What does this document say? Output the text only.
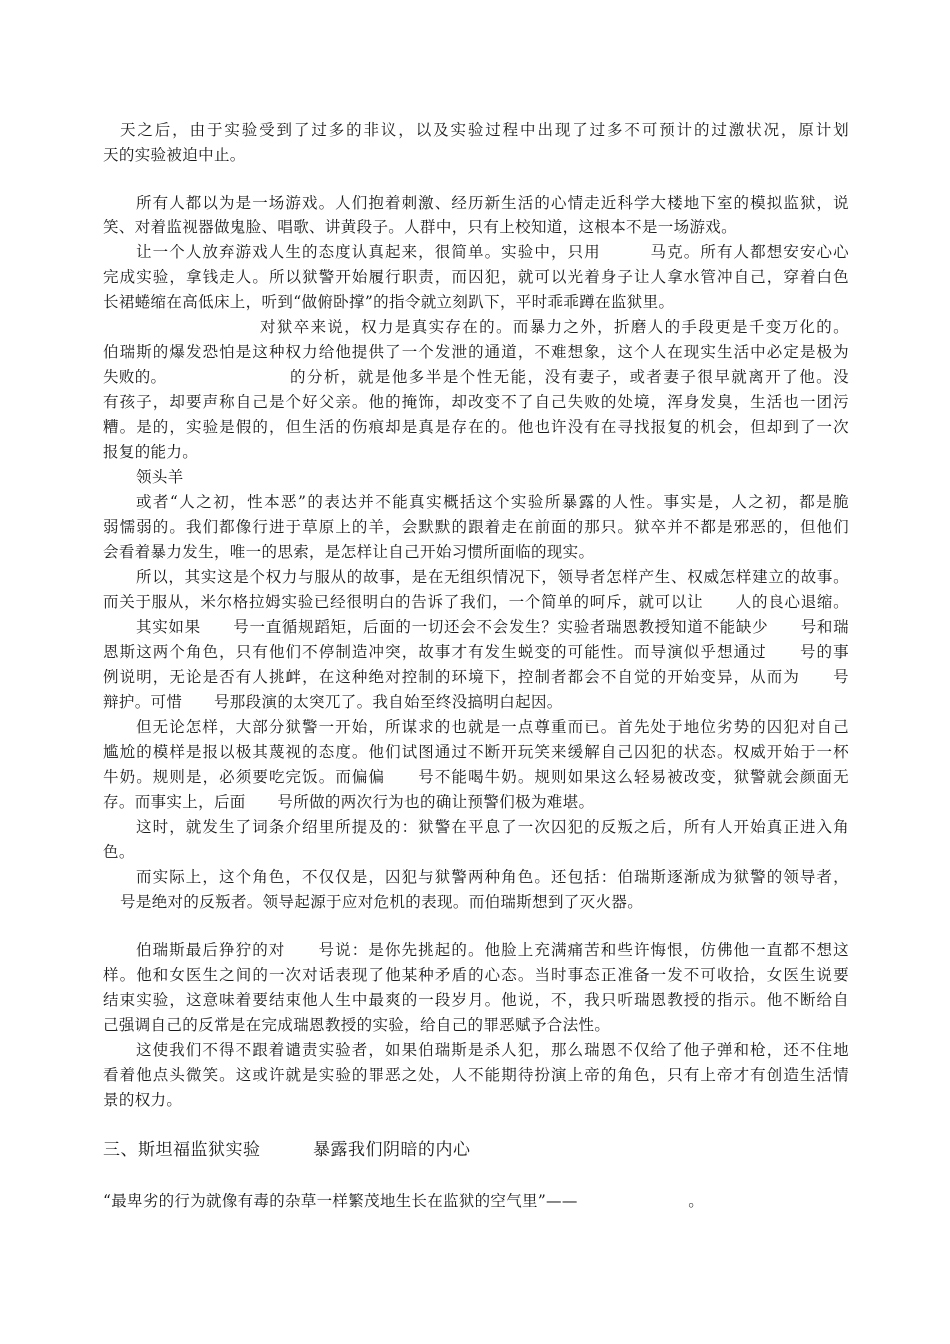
天之后，由于实验受到了过多的非议，以及实验过程中出现了过多不可预计的过激状况，原计划
天的实验被迫中止。
所有人都以为是一场游戏。人们抱着刺激、经历新生活的心情走近科学大楼地下室的模拟监狱，说
笑、对着监视器做鬼脸、唱歌、讲黄段子。人群中，只有上校知道，这根本不是一场游戏。
让一个人放弃游戏人生的态度认真起来，很简单。实验中，只用　　　马克。所有人都想安安心心
完成实验，拿钱走人。所以狱警开始履行职责，而囚犯，就可以光着身子让人拿水管冲自己，穿着白色
长裙蜷缩在高低床上，听到“做俯卧撑”的指令就立刻趴下，平时乖乖蹲在监狱里。
对狱卒来说，权力是真实存在的。而暴力之外，折磨人的手段更是千变万化的。
伯瑞斯的爆发恐怕是这种权力给他提供了一个发泄的通道，不难想象，这个人在现实生活中必定是极为
失败的。	的分析，就是他多半是个性无能，没有妻子，或者妻子很早就离开了他。没
有孩子，却要声称自己是个好父亲。他的掩饰，却改变不了自己失败的处境，浑身发臭，生活也一团污
糟。是的，实验是假的，但生活的伤痕却是真是存在的。他也许没有在寻找报复的机会，但却到了一次
报复的能力。
领头羊
或者“人之初，性本恶”的表达并不能真实概括这个实验所暴露的人性。事实是，人之初，都是脆
弱懦弱的。我们都像行进于草原上的羊，会默默的跟着走在前面的那只。狱卒并不都是邪恶的，但他们
会看着暴力发生，唯一的思索，是怎样让自己开始习惯所面临的现实。
所以，其实这是个权力与服从的故事，是在无组织情况下，领导者怎样产生、权威怎样建立的故事。
而关于服从，米尔格拉姆实验已经很明白的告诉了我们，一个简单的呵斥，就可以让　　人的良心退缩。
其实如果　　号一直循规蹈矩，后面的一切还会不会发生？实验者瑞恩教授知道不能缺少　　号和瑞
恩斯这两个角色，只有他们不停制造冲突，故事才有发生蜕变的可能性。而导演似乎想通过　　号的事
例说明，无论是否有人挑衅，在这种绝对控制的环境下，控制者都会不自觉的开始变异，从而为　　号
辩护。可惜　　号那段演的太突兀了。我自始至终没搞明白起因。
但无论怎样，大部分狱警一开始，所谋求的也就是一点尊重而已。首先处于地位劣势的囚犯对自己
尴尬的模样是报以极其蔑视的态度。他们试图通过不断开玩笑来缓解自己囚犯的状态。权威开始于一杯
牛奶。规则是，必须要吃完饭。而偏偏　　号不能喝牛奶。规则如果这么轻易被改变，狱警就会颜面无
存。而事实上，后面　　号所做的两次行为也的确让预警们极为难堪。
这时，就发生了词条介绍里所提及的：狱警在平息了一次囚犯的反叛之后，所有人开始真正进入角
色。
而实际上，这个角色，不仅仅是，囚犯与狱警两种角色。还包括：伯瑞斯逐渐成为狱警的领导者，
号是绝对的反叛者。领导起源于应对危机的表现。而伯瑞斯想到了灭火器。
伯瑞斯最后狰狞的对　　号说：是你先挑起的。他脸上充满痛苦和些许悔恨，仿佛他一直都不想这
样。他和女医生之间的一次对话表现了他某种矛盾的心态。当时事态正准备一发不可收拾，女医生说要
结束实验，这意味着要结束他人生中最爽的一段岁月。他说，不，我只听瑞恩教授的指示。他不断给自
己强调自己的反常是在完成瑞恩教授的实验，给自己的罪恶赋予合法性。
这使我们不得不跟着谴责实验者，如果伯瑞斯是杀人犯，那么瑞恩不仅给了他子弹和枪，还不住地
看着他点头微笑。这或许就是实验的罪恶之处，人不能期待扮演上帝的角色，只有上帝才有创造生活情
景的权力。
三、斯坦福监狱实验　　　暴露我们阴暗的内心
“最卑劣的行为就像有毒的杂草一样繁茂地生长在监狱的空气里”——　　　　　　　。
